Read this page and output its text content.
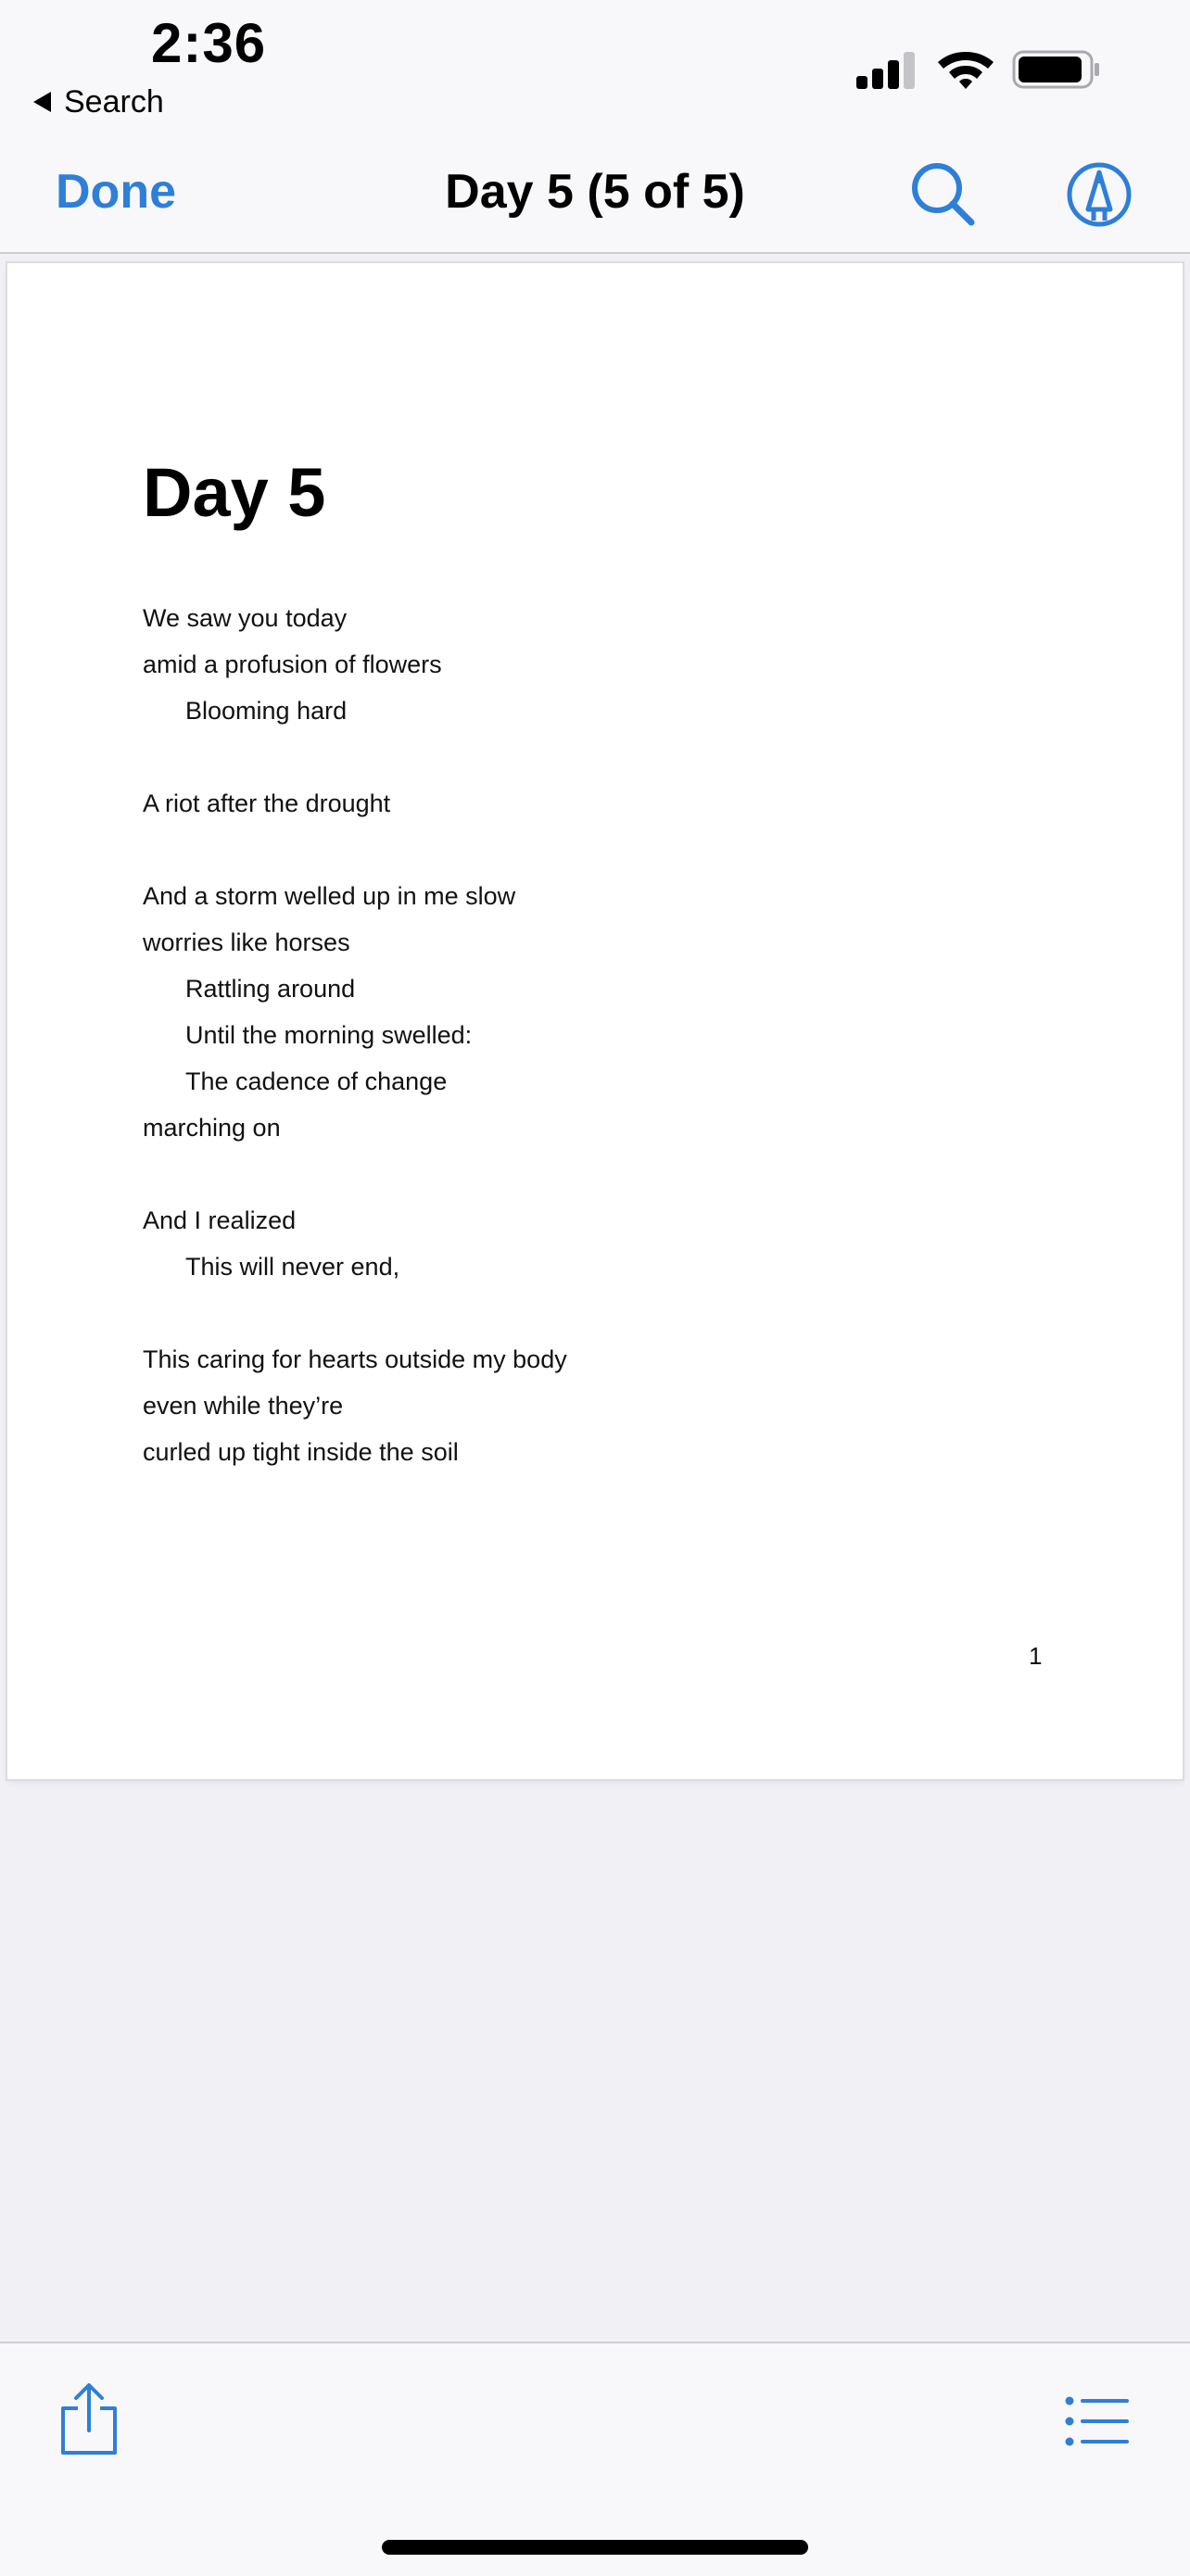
2:36
Search
Done	Day 5 (5 of 5)
Day 5
We saw you today
amid a profusion of flowers
Blooming hard
A riot after the drought
And a storm welled up in me slow
worries like horses
Rattling around
Until the morning swelled:
The cadence of change
marching on
And I realized
This will never end,
This caring for hearts outside my body
even while they’re
curled up tight inside the soil
1
